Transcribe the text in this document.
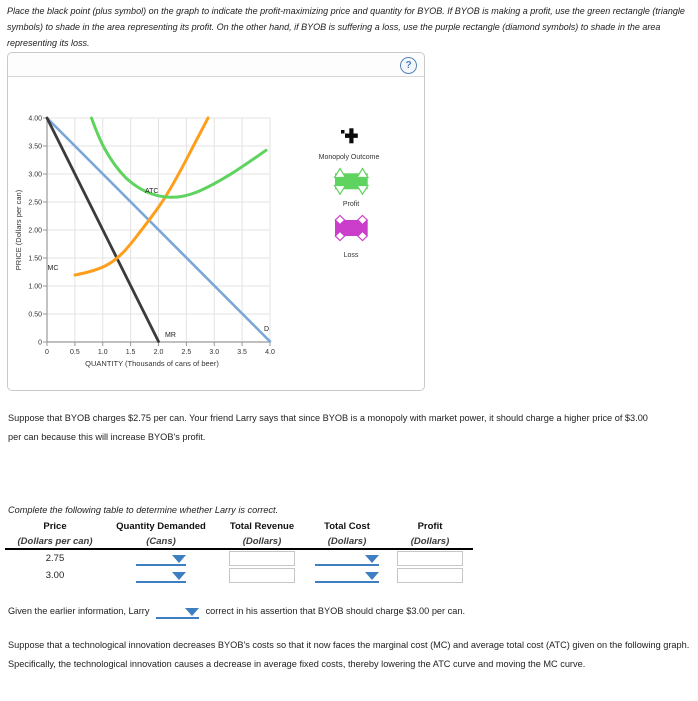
Place the black point (plus symbol) on the graph to indicate the profit-maximizing price and quantity for BYOB. If BYOB is making a profit, use the green rectangle (triangle symbols) to shade in the area representing its profit. On the other hand, if BYOB is suffering a loss, use the purple rectangle (diamond symbols) to shade in the area representing its loss.
?
4.00
3.50
3.00
2.50
2.00
1.50
1.00
0.50
0
0	0.5	1.0	1.5	2.0	2.5	3.0	3.5	4.0
QUANTITY (Thousands of cans of beer)
PRICE (Dollars per can)	ATC
MC
MR
D
Monopoly Outcome
Profit
Loss
Suppose that BYOB charges $2.75 per can. Your friend Larry says that since BYOB is a monopoly with market power, it should charge a higher price of $3.00 per can because this will increase BYOB's profit.
Complete the following table to determine whether Larry is correct.
Price	Quantity Demanded	Total Revenue	Total Cost	Profit
(Dollars per can)	(Cans)	(Dollars)	(Dollars)	(Dollars)
2.75	

3.00	

Given the earlier information, Larry	correct in his assertion that BYOB should charge $3.00 per can.
Suppose that a technological innovation decreases BYOB's costs so that it now faces the marginal cost (MC) and average total cost (ATC) given on the following graph. Specifically, the technological innovation causes a decrease in average fixed costs, thereby lowering the ATC curve and moving the MC curve.
